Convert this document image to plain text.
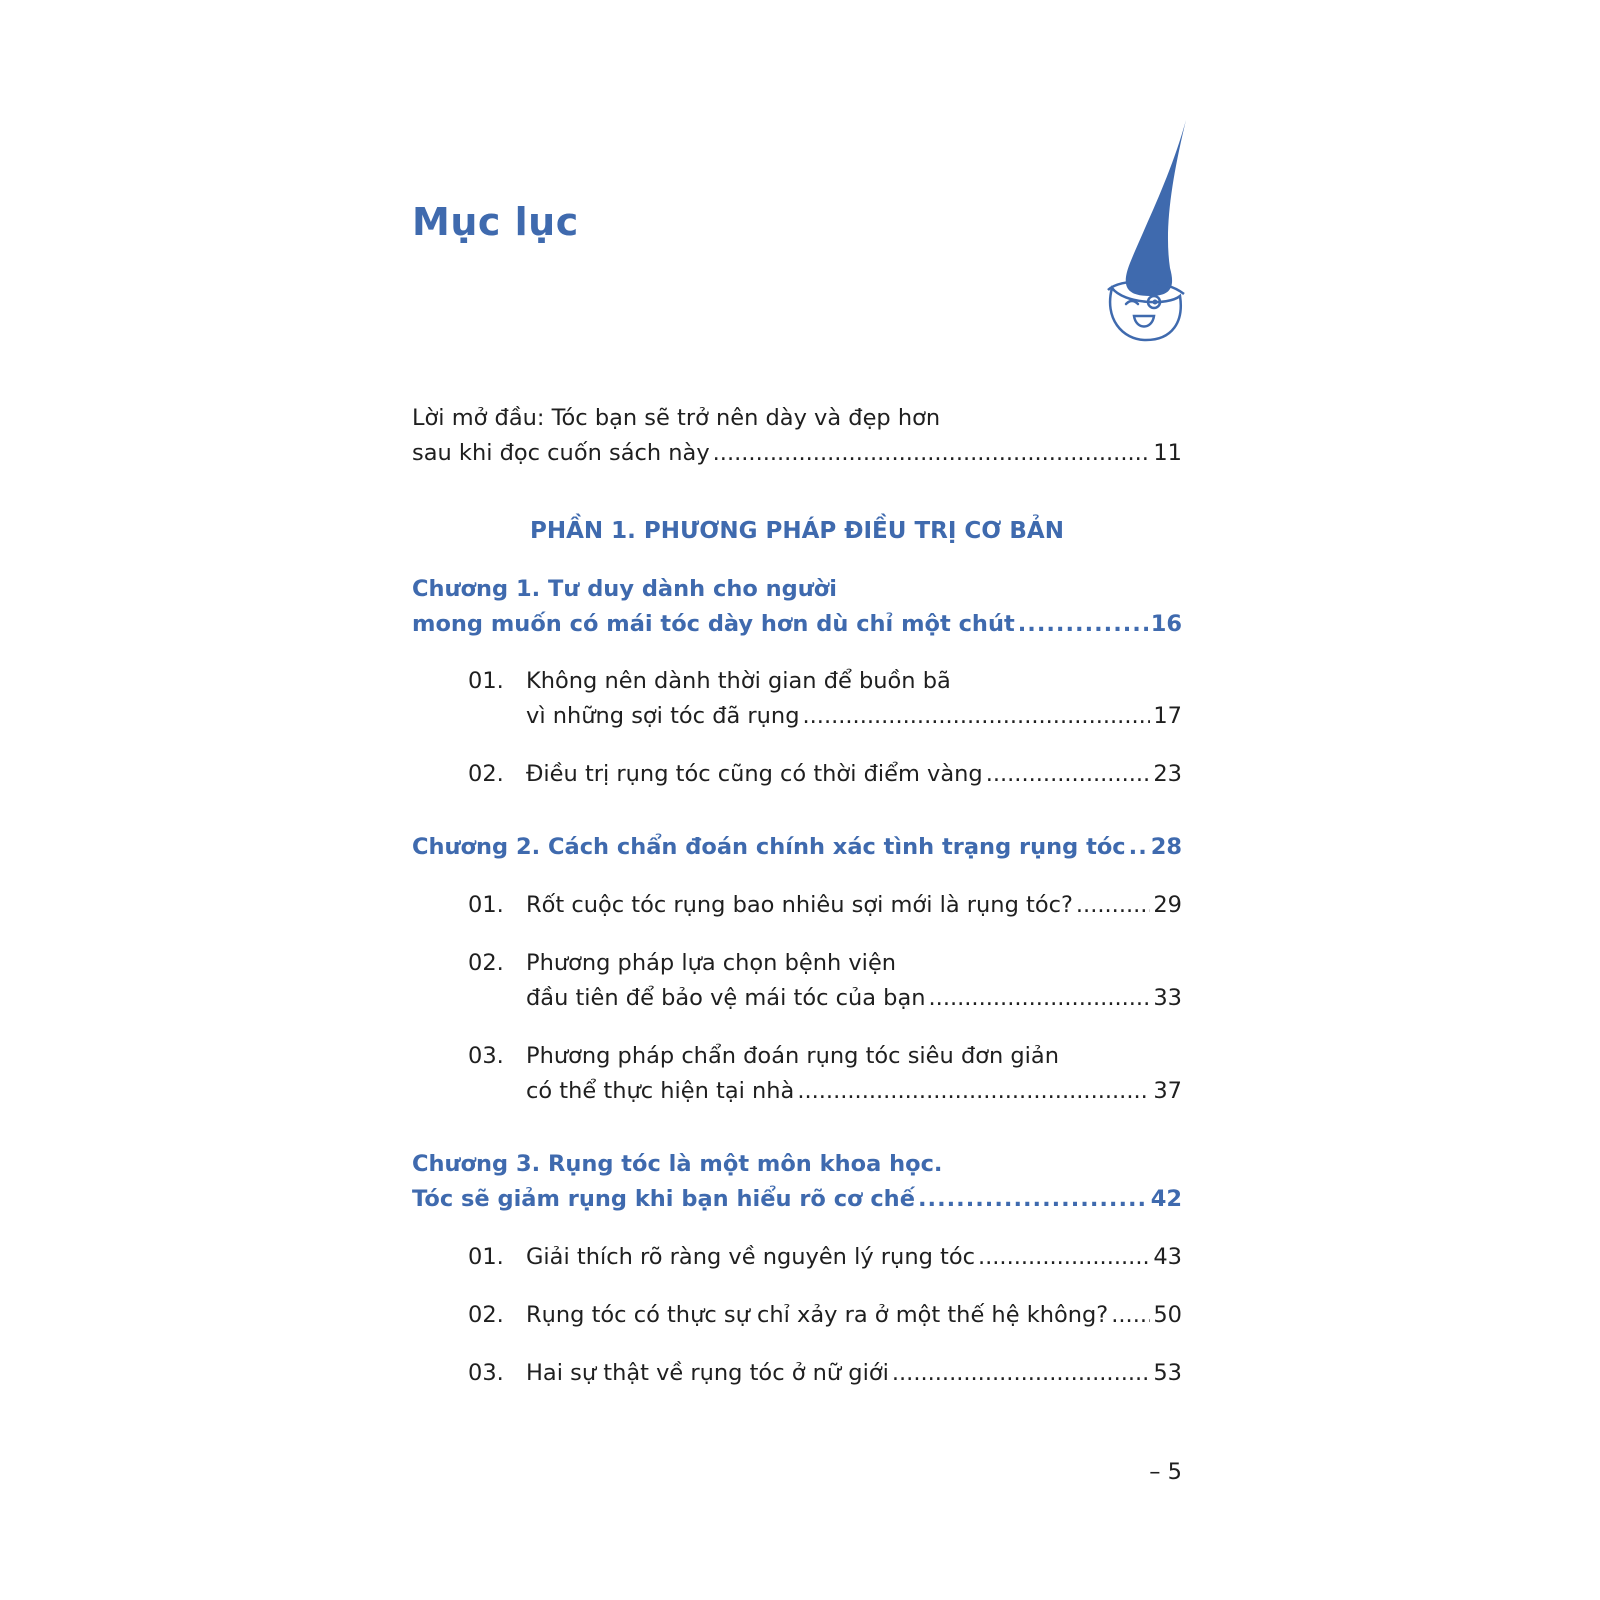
Mục lục
Lời mở đầu: Tóc bạn sẽ trở nên dày và đẹp hơn
sau khi đọc cuốn sách này .....	11
PHẦN 1. PHƯƠNG PHÁP ĐIỀU TRỊ CƠ BẢN
Chương 1. Tư duy dành cho người
mong muốn có mái tóc dày hơn dù chỉ một chút .....	16
01. Không nên dành thời gian để buồn bã
vì những sợi tóc đã rụng .....	17
02. Điều trị rụng tóc cũng có thời điểm vàng .....	23
Chương 2. Cách chẩn đoán chính xác tình trạng rụng tóc ..... 28
01. Rốt cuộc tóc rụng bao nhiêu sợi mới là rụng tóc? .....	29
02. Phương pháp lựa chọn bệnh viện
đầu tiên để bảo vệ mái tóc của bạn .....	33
03. Phương pháp chẩn đoán rụng tóc siêu đơn giản
có thể thực hiện tại nhà .....	37
Chương 3. Rụng tóc là một môn khoa học.
Tóc sẽ giảm rụng khi bạn hiểu rõ cơ chế .....	42
01. Giải thích rõ ràng về nguyên lý rụng tóc .....	43
02. Rụng tóc có thực sự chỉ xảy ra ở một thế hệ không? ..... 50
03. Hai sự thật về rụng tóc ở nữ giới .....	53
– 5
